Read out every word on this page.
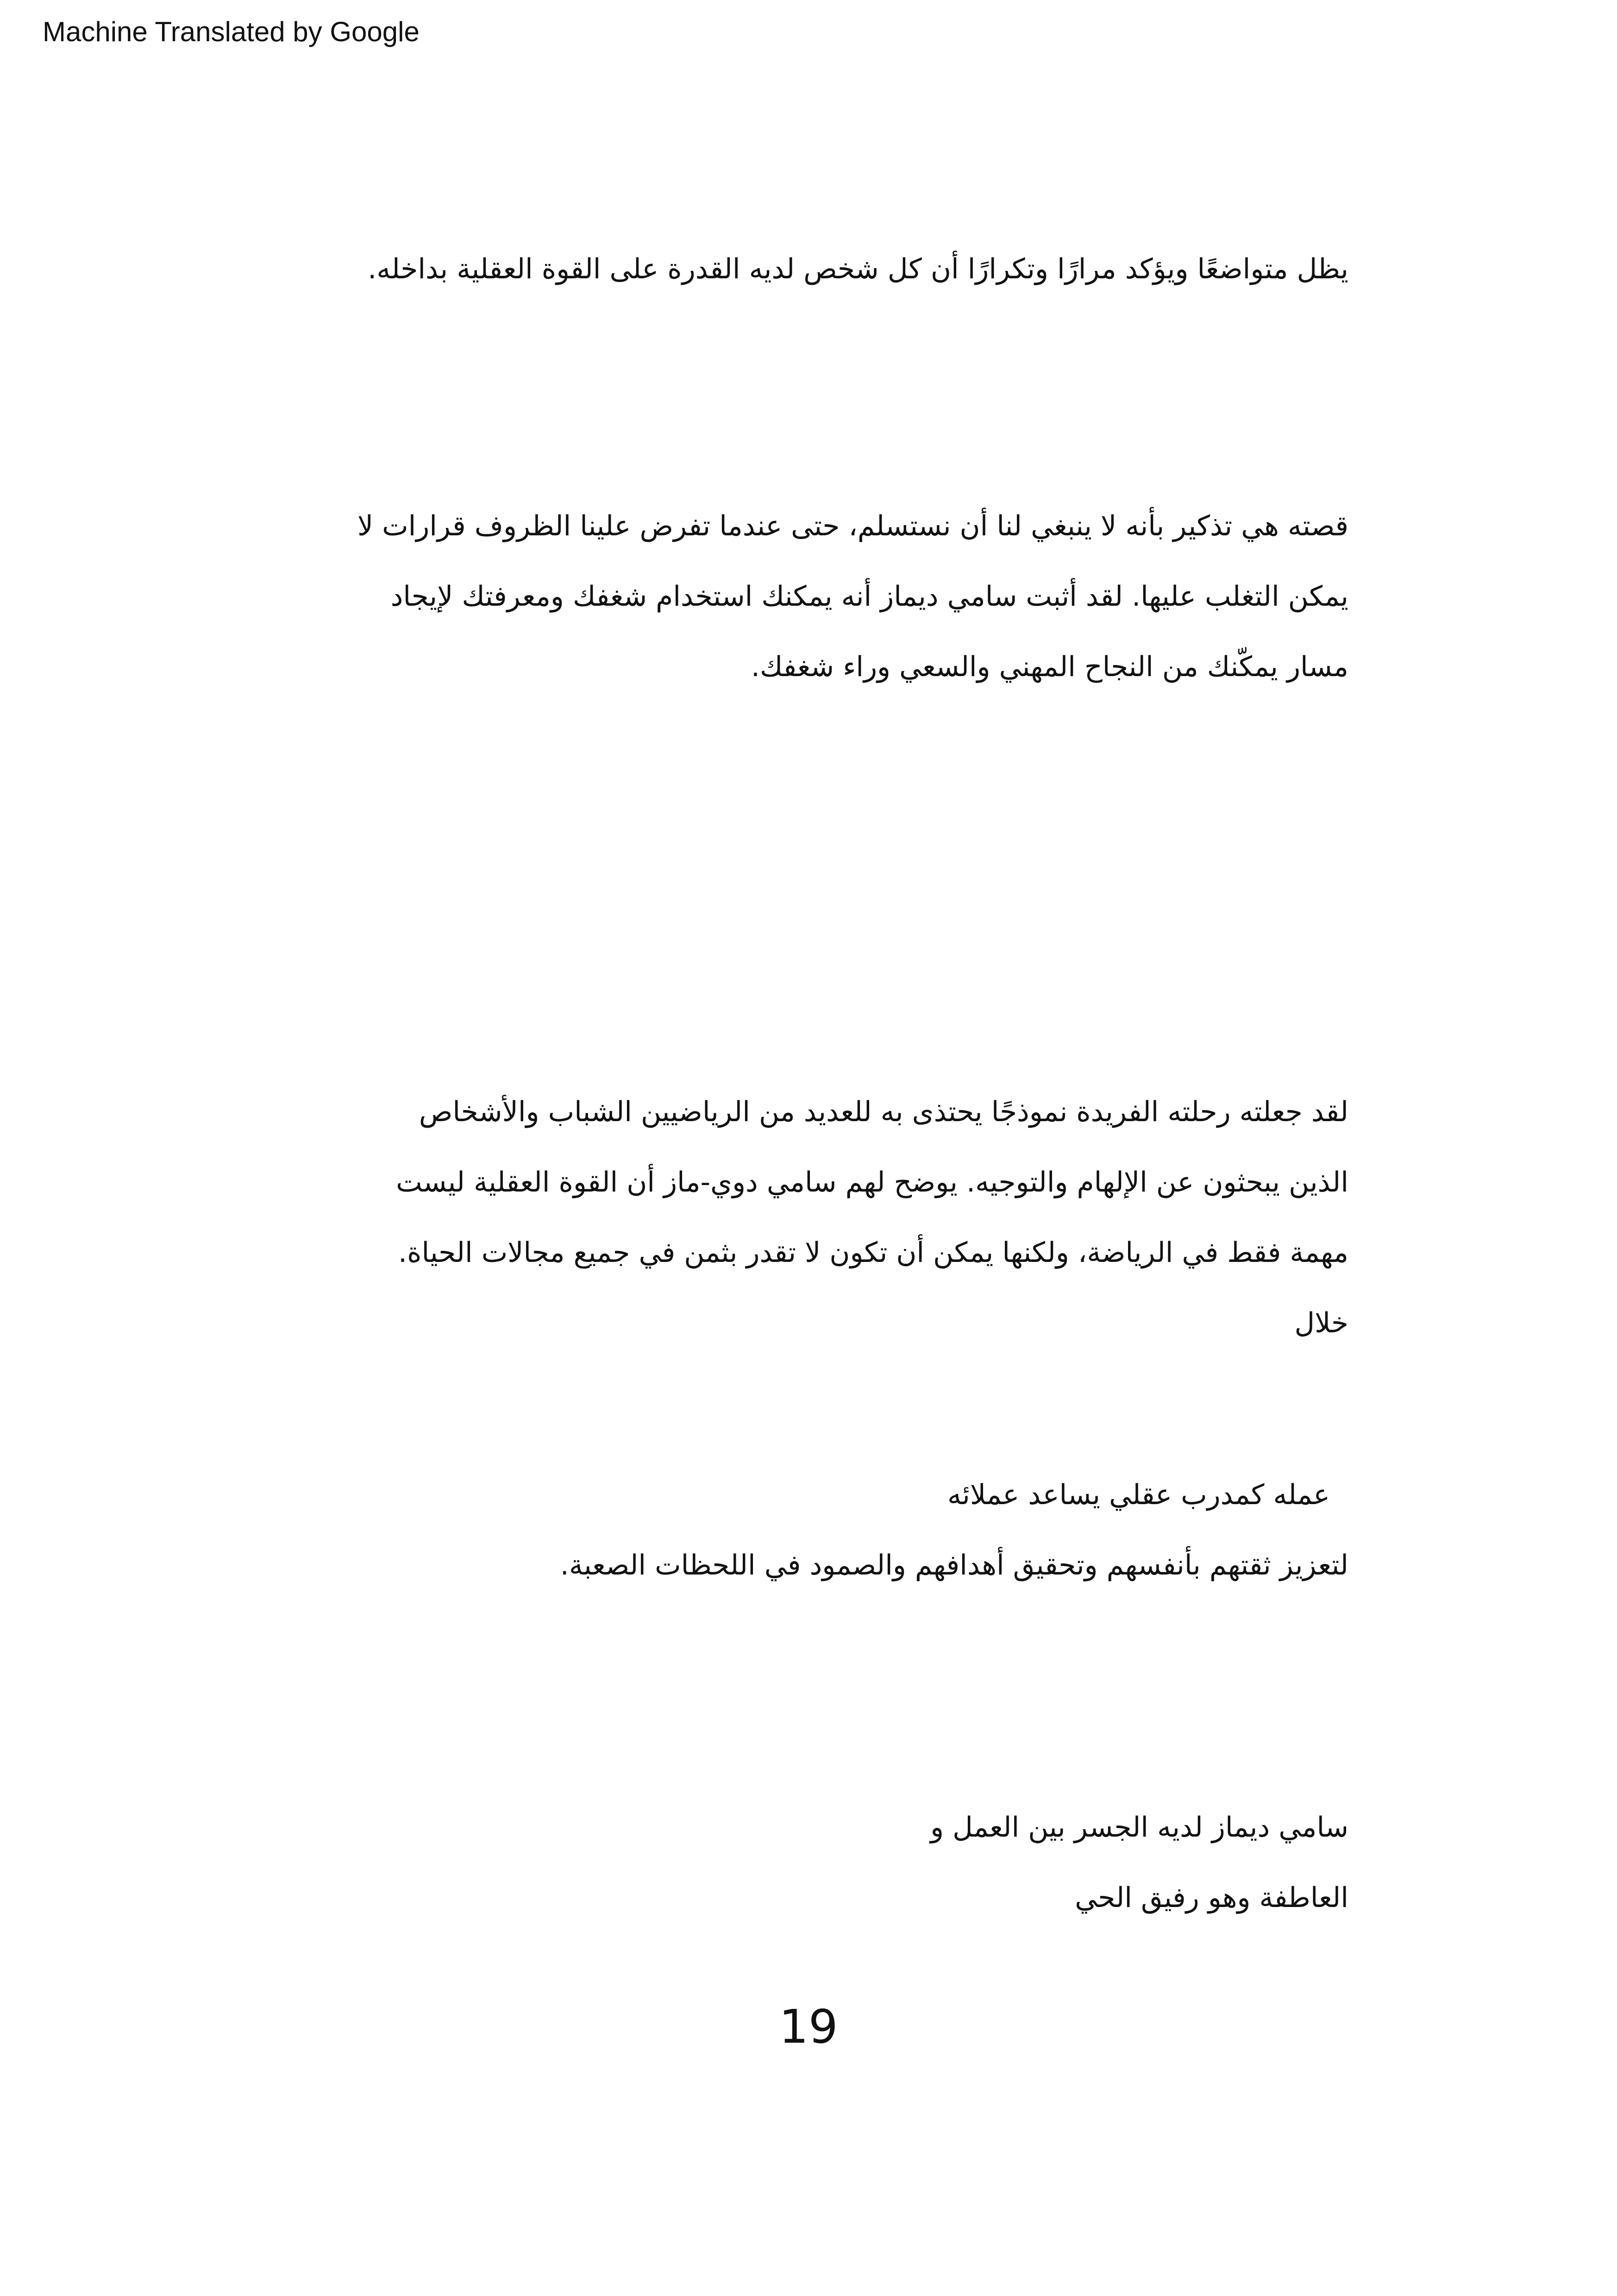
Machine Translated by Google
يظل متواضعًا ويؤكد مرارًا وتكرارًا أن كل شخص لديه القدرة على القوة العقلية بداخله.
قصته هي تذكير بأنه لا ينبغي لنا أن نستسلم، حتى عندما تفرض علينا الظروف قرارات لا
يمكن التغلب عليها. لقد أثبت سامي ديماز أنه يمكنك استخدام شغفك ومعرفتك لإيجاد
مسار يمكّنك من النجاح المهني والسعي وراء شغفك.
لقد جعلته رحلته الفريدة نموذجًا يحتذى به للعديد من الرياضيين الشباب والأشخاص
الذين يبحثون عن الإلهام والتوجيه. يوضح لهم سامي دوي-ماز أن القوة العقلية ليست
مهمة فقط في الرياضة، ولكنها يمكن أن تكون لا تقدر بثمن في جميع مجالات الحياة.
خلال
عمله كمدرب عقلي يساعد عملائه
لتعزيز ثقتهم بأنفسهم وتحقيق أهدافهم والصمود في اللحظات الصعبة.
سامي ديماز لديه الجسر بين العمل و
العاطفة وهو رفيق الحي
19
